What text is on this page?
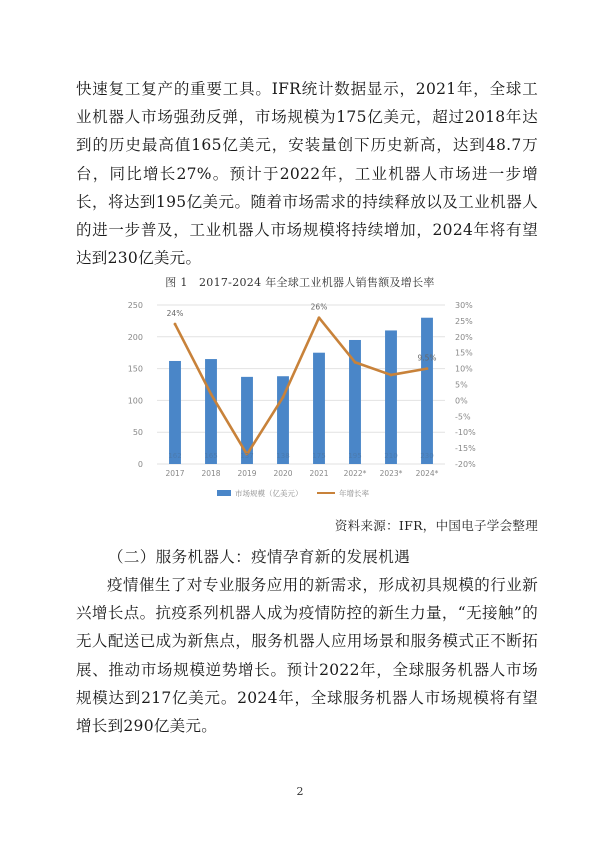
快速复工复产的重要工具。IFR统计数据显示，2021年，全球工业机器人市场强劲反弹，市场规模为175亿美元，超过2018年达到的历史最高值165亿美元，安装量创下历史新高，达到48.7万台，同比增长27%。预计于2022年，工业机器人市场进一步增长，将达到195亿美元。随着市场需求的持续释放以及工业机器人的进一步普及，工业机器人市场规模将持续增加，2024年将有望达到230亿美元。

图 1　2017-2024 年全球工业机器人销售额及增长率
0
50
100
150
200
250
-20%
-15%
-10%
-5%
0%
5%
10%
15%
20%
25%
30%
162
2017
165
2018
137
2019
138
2020
175
2021
195
2022*
210
2023*
230
2024*
24%
26%
9.5%
市场规模（亿美元）	年增长率
资料来源：IFR，中国电子学会整理
（二）服务机器人：疫情孕育新的发展机遇

疫情催生了对专业服务应用的新需求，形成初具规模的行业新兴增长点。抗疫系列机器人成为疫情防控的新生力量，“无接触”的无人配送已成为新焦点，服务机器人应用场景和服务模式正不断拓展、推动市场规模逆势增长。预计2022年，全球服务机器人市场规模达到217亿美元。2024年，全球服务机器人市场规模将有望增长到290亿美元。

2
